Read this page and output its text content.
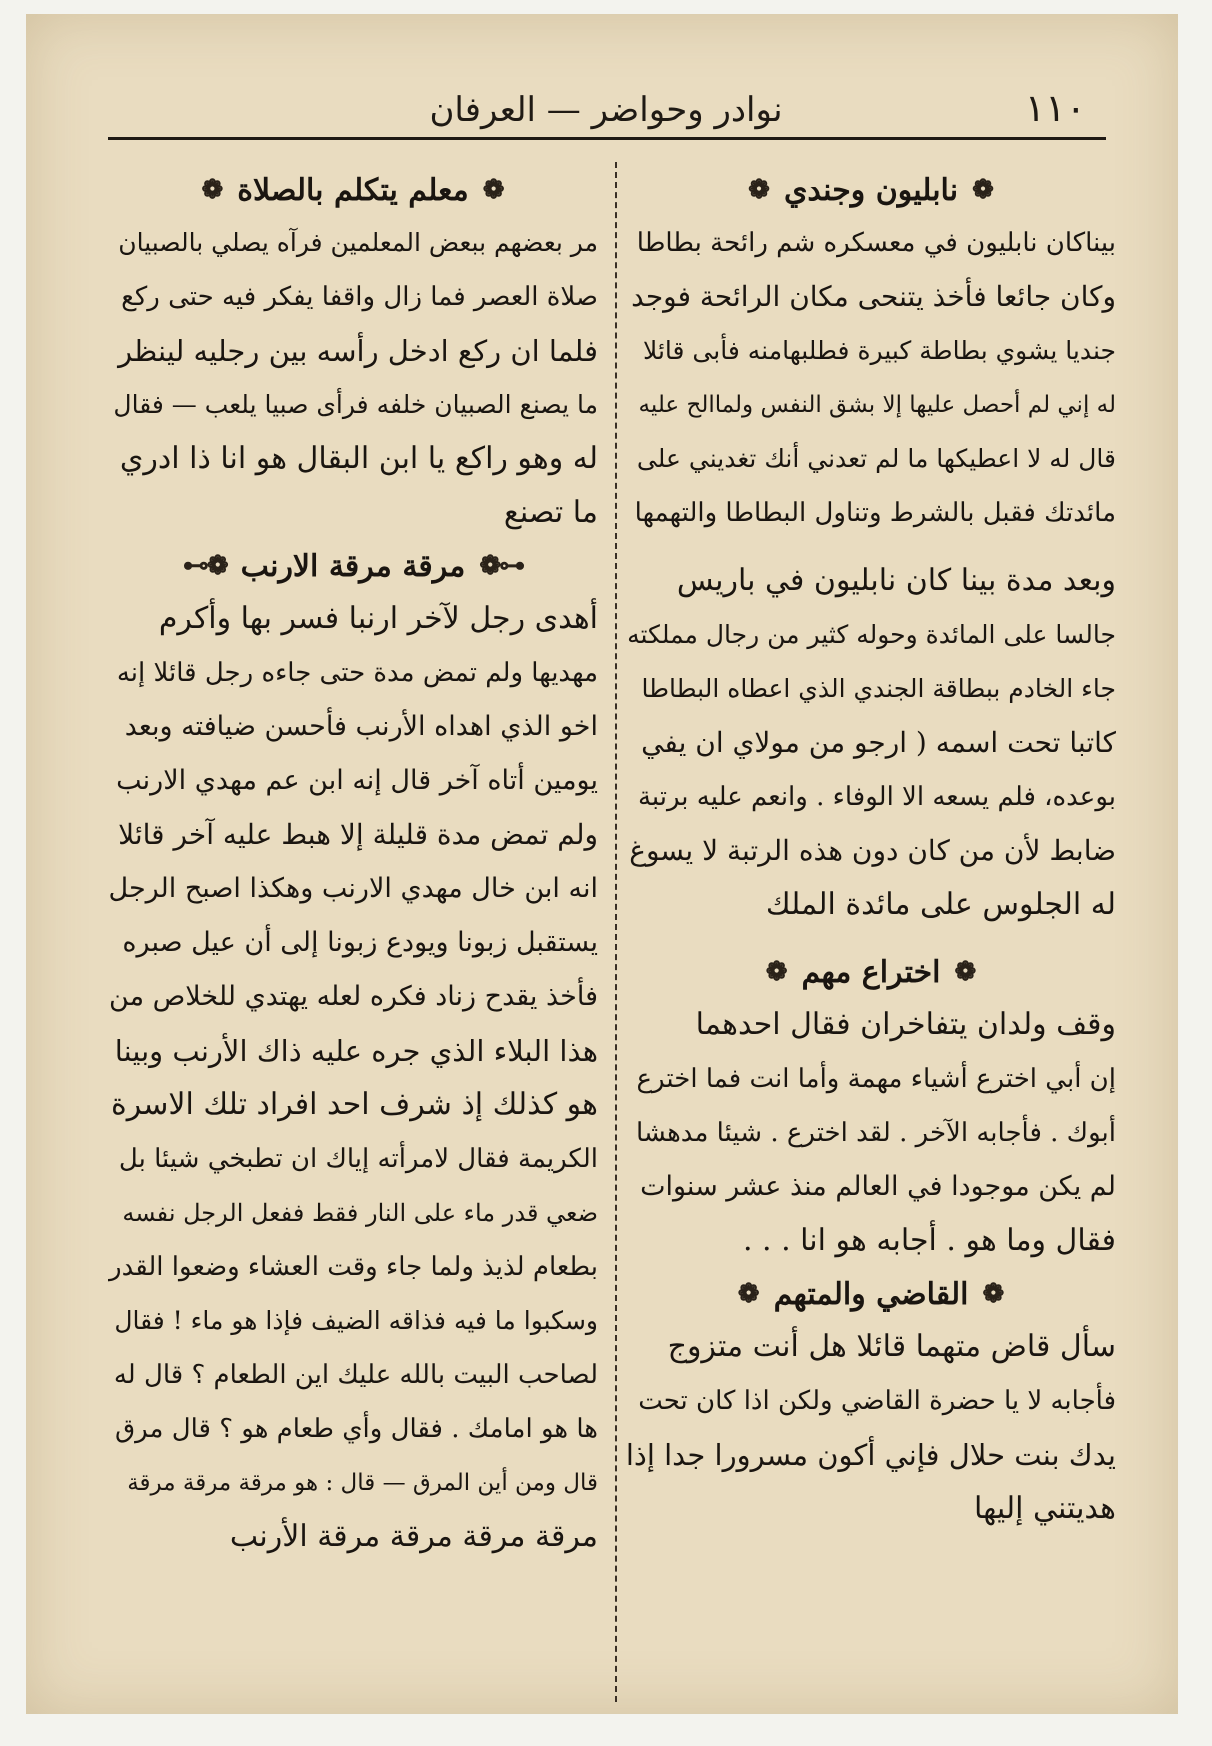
١١٠
نوادر وحواضر — العرفان
❁
نابليون وجندي
❁

بيناكان نابليون في معسكره شم رائحة بطاطا

وكان جائعا فأخذ يتنحى مكان الرائحة فوجد

جنديا يشوي بطاطة كبيرة فطلبهامنه فأبى قائلا

له إني لم أحصل عليها إلا بشق النفس ولماالح عليه

قال له لا اعطيكها ما لم تعدني أنك تغديني على

مائدتك فقبل بالشرط وتناول البطاطا والتهمها

وبعد مدة بينا كان نابليون في باريس

جالسا على المائدة وحوله كثير من رجال مملكته

جاء الخادم ببطاقة الجندي الذي اعطاه البطاطا

كاتبا تحت اسمه ( ارجو من مولاي ان يفي

بوعده، فلم يسعه الا الوفاء . وانعم عليه برتبة

ضابط لأن من كان دون هذه الرتبة لا يسوغ

له الجلوس على مائدة الملك

❁
اختراع مهم
❁

وقف ولدان يتفاخران فقال احدهما

إن أبي اخترع أشياء مهمة وأما انت فما اخترع

أبوك . فأجابه الآخر . لقد اخترع . شيئا مدهشا

لم يكن موجودا في العالم منذ عشر سنوات

فقال وما هو . أجابه هو انا . . .

❁
القاضي والمتهم
❁

سأل قاض متهما قائلا هل أنت متزوج

فأجابه لا يا حضرة القاضي ولكن اذا كان تحت

يدك بنت حلال فإني أكون مسرورا جدا إذا

هديتني إليها

❁
معلم يتكلم بالصلاة
❁

مر بعضهم ببعض المعلمين فرآه يصلي بالصبيان

صلاة العصر فما زال واقفا يفكر فيه حتى ركع

فلما ان ركع ادخل رأسه بين رجليه لينظر

ما يصنع الصبيان خلفه فرأى صبيا يلعب — فقال

له وهو راكع يا ابن البقال هو انا ذا ادري

ما تصنع

⊷❁
مرقة مرقة الارنب
❁⊶

أهدى رجل لآخر ارنبا فسر بها وأكرم

مهديها ولم تمض مدة حتى جاءه رجل قائلا إنه

اخو الذي اهداه الأرنب فأحسن ضيافته وبعد

يومين أتاه آخر قال إنه ابن عم مهدي الارنب

ولم تمض مدة قليلة إلا هبط عليه آخر قائلا

انه ابن خال مهدي الارنب وهكذا اصبح الرجل

يستقبل زبونا ويودع زبونا إلى أن عيل صبره

فأخذ يقدح زناد فكره لعله يهتدي للخلاص من

هذا البلاء الذي جره عليه ذاك الأرنب وبينا

هو كذلك إذ شرف احد افراد تلك الاسرة

الكريمة فقال لامرأته إياك ان تطبخي شيئا بل

ضعي قدر ماء على النار فقط ففعل الرجل نفسه

بطعام لذيذ ولما جاء وقت العشاء وضعوا القدر

وسكبوا ما فيه فذاقه الضيف فإذا هو ماء ! فقال

لصاحب البيت بالله عليك اين الطعام ؟ قال له

ها هو امامك . فقال وأي طعام هو ؟ قال مرق

قال ومن أين المرق — قال : هو مرقة مرقة مرقة

مرقة مرقة مرقة مرقة الأرنب
